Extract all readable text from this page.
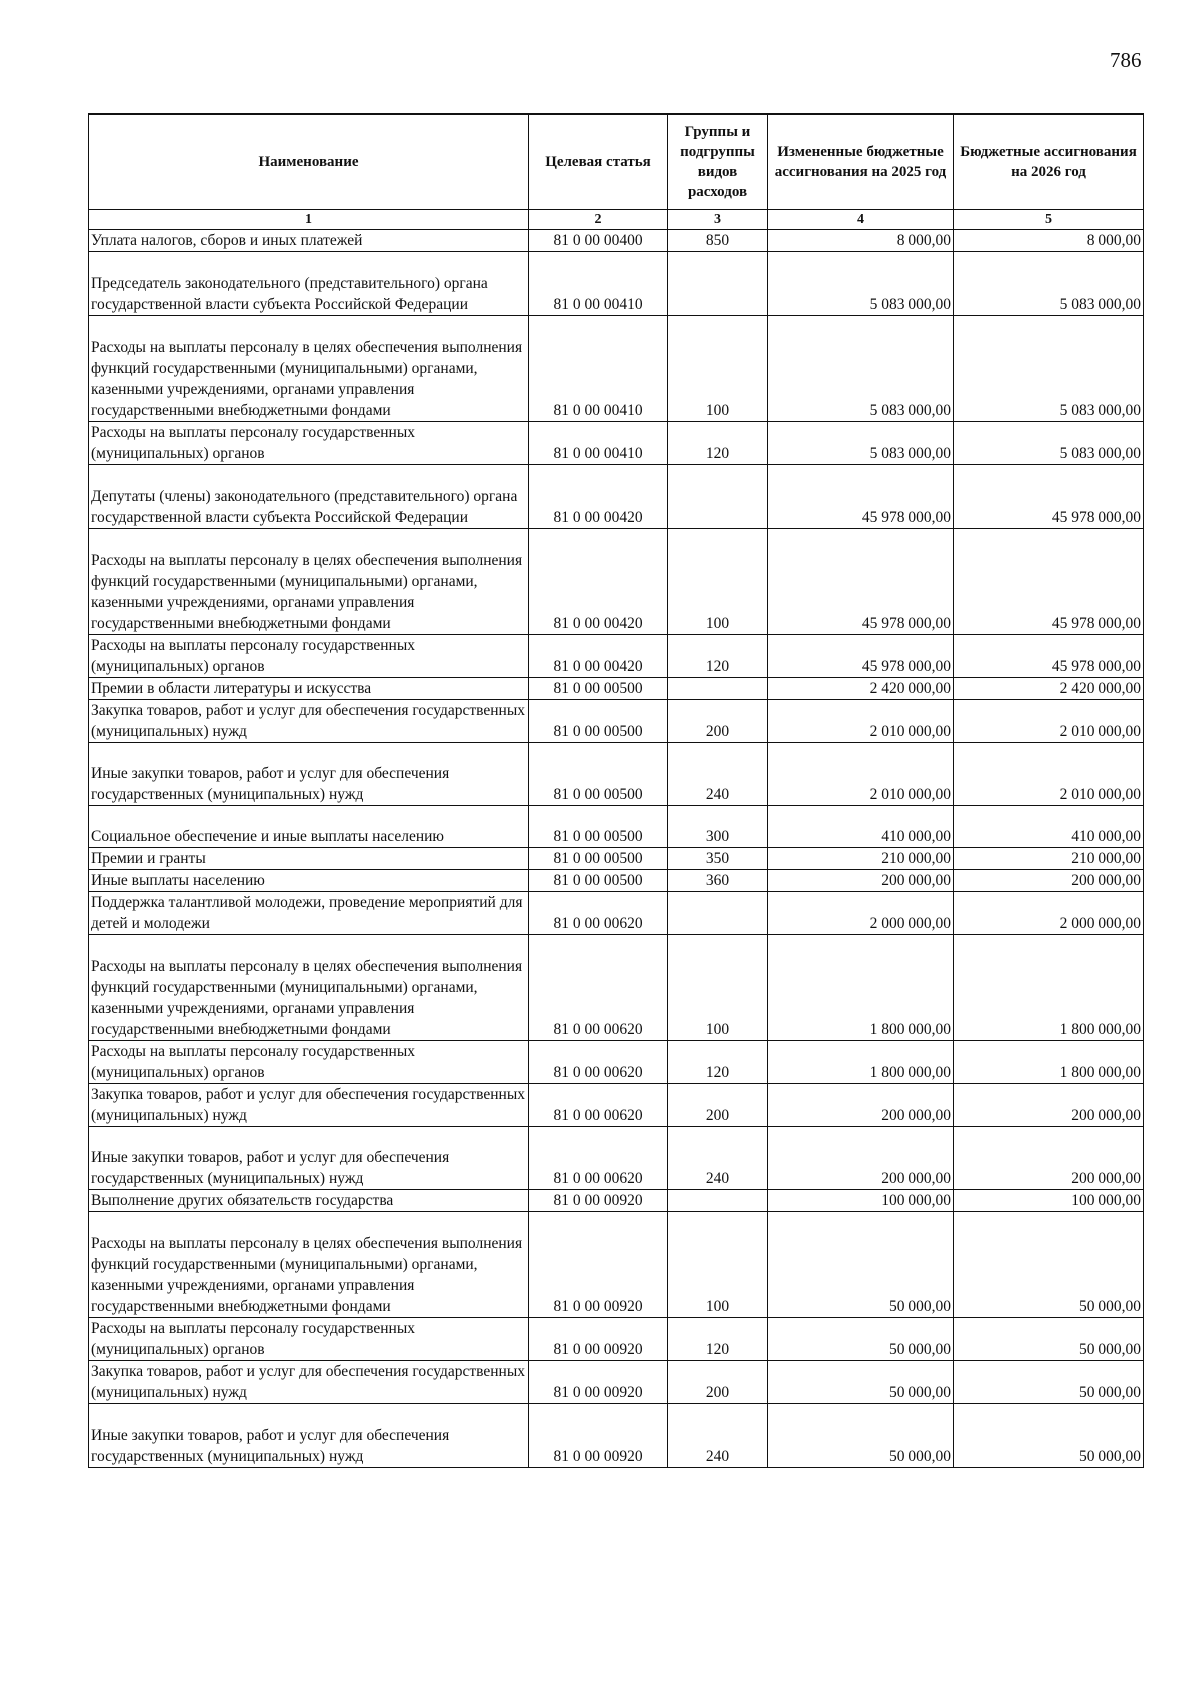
786
Наименование	Целевая статья	Группы и подгруппы видов расходов	Измененные бюджетные ассигнования на 2025 год	Бюджетные ассигнования на 2026 год
1	2	3	4	5
Уплата налогов, сборов и иных платежей	81 0 00 00400	850	8 000,00	8 000,00
Председатель законодательного (представительного) органа государственной власти субъекта Российской Федерации	81 0 00 00410		5 083 000,00	5 083 000,00
Расходы на выплаты персоналу в целях обеспечения выполнения функций государственными (муниципальными) органами, казенными учреждениями, органами управления государственными внебюджетными фондами	81 0 00 00410	100	5 083 000,00	5 083 000,00
Расходы на выплаты персоналу государственных (муниципальных) органов	81 0 00 00410	120	5 083 000,00	5 083 000,00
Депутаты (члены) законодательного (представительного) органа государственной власти субъекта Российской Федерации	81 0 00 00420		45 978 000,00	45 978 000,00
Расходы на выплаты персоналу в целях обеспечения выполнения функций государственными (муниципальными) органами, казенными учреждениями, органами управления государственными внебюджетными фондами	81 0 00 00420	100	45 978 000,00	45 978 000,00
Расходы на выплаты персоналу государственных (муниципальных) органов	81 0 00 00420	120	45 978 000,00	45 978 000,00
Премии в области литературы и искусства	81 0 00 00500		2 420 000,00	2 420 000,00
Закупка товаров, работ и услуг для обеспечения государственных (муниципальных) нужд	81 0 00 00500	200	2 010 000,00	2 010 000,00
Иные закупки товаров, работ и услуг для обеспечения государственных (муниципальных) нужд	81 0 00 00500	240	2 010 000,00	2 010 000,00
Социальное обеспечение и иные выплаты населению	81 0 00 00500	300	410 000,00	410 000,00
Премии и гранты	81 0 00 00500	350	210 000,00	210 000,00
Иные выплаты населению	81 0 00 00500	360	200 000,00	200 000,00
Поддержка талантливой молодежи, проведение мероприятий для детей и молодежи	81 0 00 00620		2 000 000,00	2 000 000,00
Расходы на выплаты персоналу в целях обеспечения выполнения функций государственными (муниципальными) органами, казенными учреждениями, органами управления государственными внебюджетными фондами	81 0 00 00620	100	1 800 000,00	1 800 000,00
Расходы на выплаты персоналу государственных (муниципальных) органов	81 0 00 00620	120	1 800 000,00	1 800 000,00
Закупка товаров, работ и услуг для обеспечения государственных (муниципальных) нужд	81 0 00 00620	200	200 000,00	200 000,00
Иные закупки товаров, работ и услуг для обеспечения государственных (муниципальных) нужд	81 0 00 00620	240	200 000,00	200 000,00
Выполнение других обязательств государства	81 0 00 00920		100 000,00	100 000,00
Расходы на выплаты персоналу в целях обеспечения выполнения функций государственными (муниципальными) органами, казенными учреждениями, органами управления государственными внебюджетными фондами	81 0 00 00920	100	50 000,00	50 000,00
Расходы на выплаты персоналу государственных (муниципальных) органов	81 0 00 00920	120	50 000,00	50 000,00
Закупка товаров, работ и услуг для обеспечения государственных (муниципальных) нужд	81 0 00 00920	200	50 000,00	50 000,00
Иные закупки товаров, работ и услуг для обеспечения государственных (муниципальных) нужд	81 0 00 00920	240	50 000,00	50 000,00
